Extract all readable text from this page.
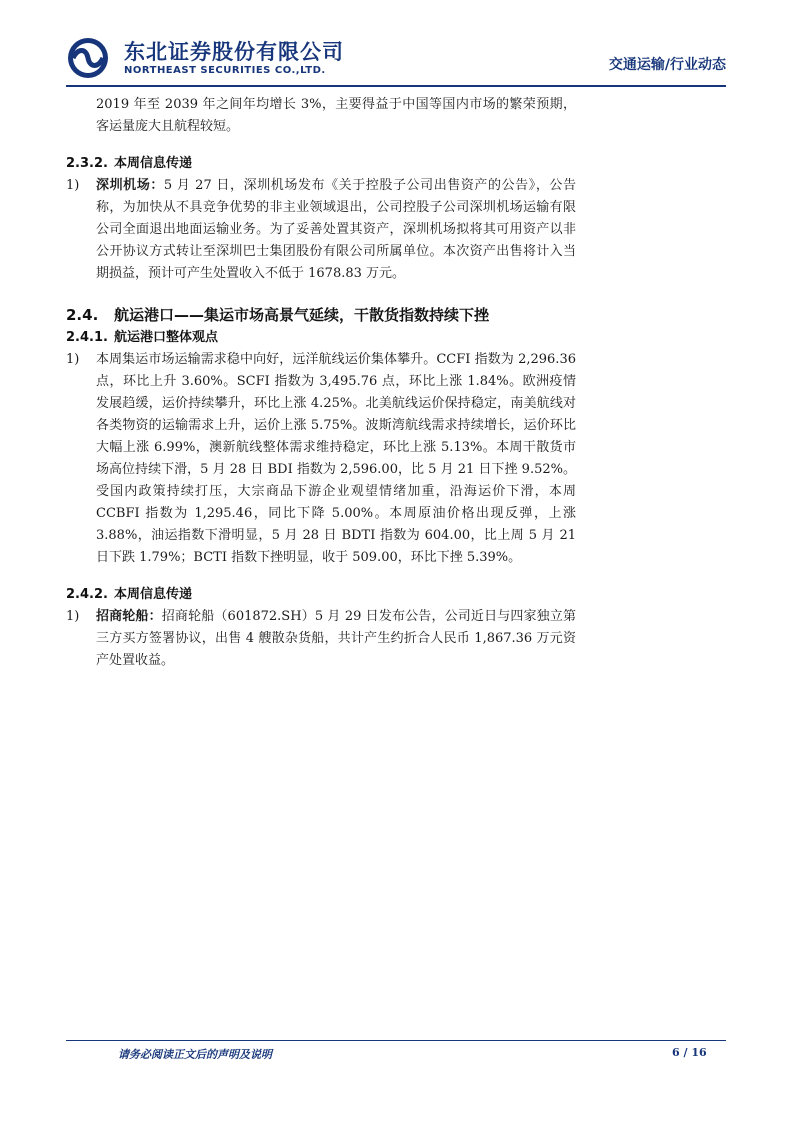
东北证券股份有限公司
NORTHEAST SECURITIES CO.,LTD.	交通运输/行业动态

2019 年至 2039 年之间年均增长 3%，主要得益于中国等国内市场的繁荣预期，客运量庞大且航程较短。

2.3.2. 本周信息传递

1) 深圳机场：5 月 27 日，深圳机场发布《关于控股子公司出售资产的公告》，公告称，为加快从不具竞争优势的非主业领域退出，公司控股子公司深圳机场运输有限公司全面退出地面运输业务。为了妥善处置其资产，深圳机场拟将其可用资产以非公开协议方式转让至深圳巴士集团股份有限公司所属单位。本次资产出售将计入当期损益，预计可产生处置收入不低于 1678.83 万元。

2.4. 航运港口——集运市场高景气延续，干散货指数持续下挫
2.4.1. 航运港口整体观点

1) 本周集运市场运输需求稳中向好，远洋航线运价集体攀升。CCFI 指数为 2,296.36 点，环比上升 3.60%。SCFI 指数为 3,495.76 点，环比上涨 1.84%。欧洲疫情发展趋缓，运价持续攀升，环比上涨 4.25%。北美航线运价保持稳定，南美航线对各类物资的运输需求上升，运价上涨 5.75%。波斯湾航线需求持续增长，运价环比大幅上涨 6.99%，澳新航线整体需求维持稳定，环比上涨 5.13%。本周干散货市场高位持续下滑，5 月 28 日 BDI 指数为 2,596.00，比 5 月 21 日下挫 9.52%。受国内政策持续打压，大宗商品下游企业观望情绪加重，沿海运价下滑，本周 CCBFI 指数为 1,295.46，同比下降 5.00%。本周原油价格出现反弹，上涨 3.88%，油运指数下滑明显，5 月 28 日 BDTI 指数为 604.00，比上周 5 月 21 日下跌 1.79%；BCTI 指数下挫明显，收于 509.00，环比下挫 5.39%。

2.4.2. 本周信息传递

1) 招商轮船：招商轮船（601872.SH）5 月 29 日发布公告，公司近日与四家独立第三方买方签署协议，出售 4 艘散杂货船，共计产生约折合人民币 1,867.36 万元资产处置收益。

请务必阅读正文后的声明及说明	6 / 16
